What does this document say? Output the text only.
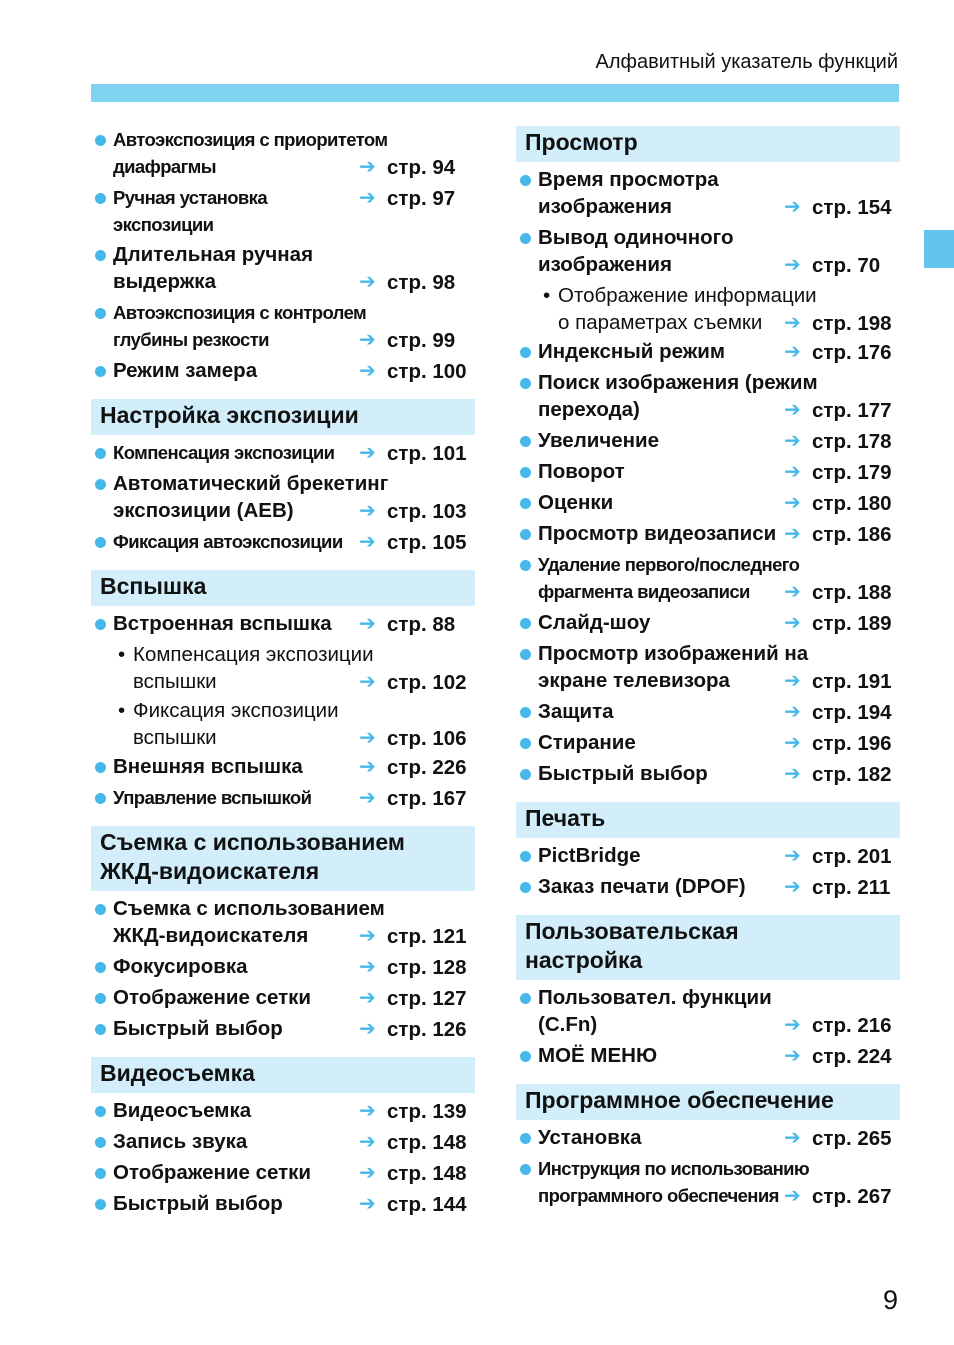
Алфавитный указатель функций
Автоэкспозиция с приоритетом
диафрагмы	➔ стр. 94
Ручная установка экспозиции
➔ стр. 97
Длительная ручная
выдержка	➔ стр. 98
Автоэкспозиция с контролем
глубины резкости	➔ стр. 99
Режим замера	➔ стр. 100
Настройка экспозиции
Компенсация экспозиции ➔ стр. 101
Автоматический брекетинг
экспозиции (AEB)	➔ стр. 103
Фиксация автоэкспозиции ➔ стр. 105
Вспышка
Встроенная вспышка ➔ стр. 88
• Компенсация экспозиции
вспышки	➔ стр. 102
• Фиксация экспозиции
вспышки	➔ стр. 106
Внешняя вспышка	➔ стр. 226
Управление вспышкой ➔ стр. 167
Съемка с использованием
ЖКД-видоискателя
Съемка с использованием
ЖКД-видоискателя	➔ стр. 121
Фокусировка	➔ стр. 128
Отображение сетки ➔ стр. 127
Быстрый выбор	➔ стр. 126
Видеосъемка
Видеосъемка	➔ стр. 139
Запись звука	➔ стр. 148
Отображение сетки ➔ стр. 148
Быстрый выбор	➔ стр. 144
Просмотр
Время просмотра
изображения	➔ стр. 154
Вывод одиночного
изображения	➔ стр. 70
• Отображение информации
о параметрах съемки ➔ стр. 198
Индексный режим	➔ стр. 176
Поиск изображения (режим
перехода)	➔ стр. 177
Увеличение	➔ стр. 178
Поворот	➔ стр. 179
Оценки	➔ стр. 180
Просмотр видеозаписи ➔ стр. 186
Удаление первого/последнего
фрагмента видеозаписи ➔ стр. 188
Слайд-шоу	➔ стр. 189
Просмотр изображений на
экране телевизора	➔ стр. 191
Защита	➔ стр. 194
Стирание	➔ стр. 196
Быстрый выбор	➔ стр. 182
Печать
PictBridge	➔ стр. 201
Заказ печати (DPOF) ➔ стр. 211
Пользовательская
настройка
Пользовател. функции
(C.Fn)	➔ стр. 216
МОЁ МЕНЮ	➔ стр. 224
Программное обеспечение
Установка	➔ стр. 265
Инструкция по использованию
программного обеспечения ➔ стр. 267
9
